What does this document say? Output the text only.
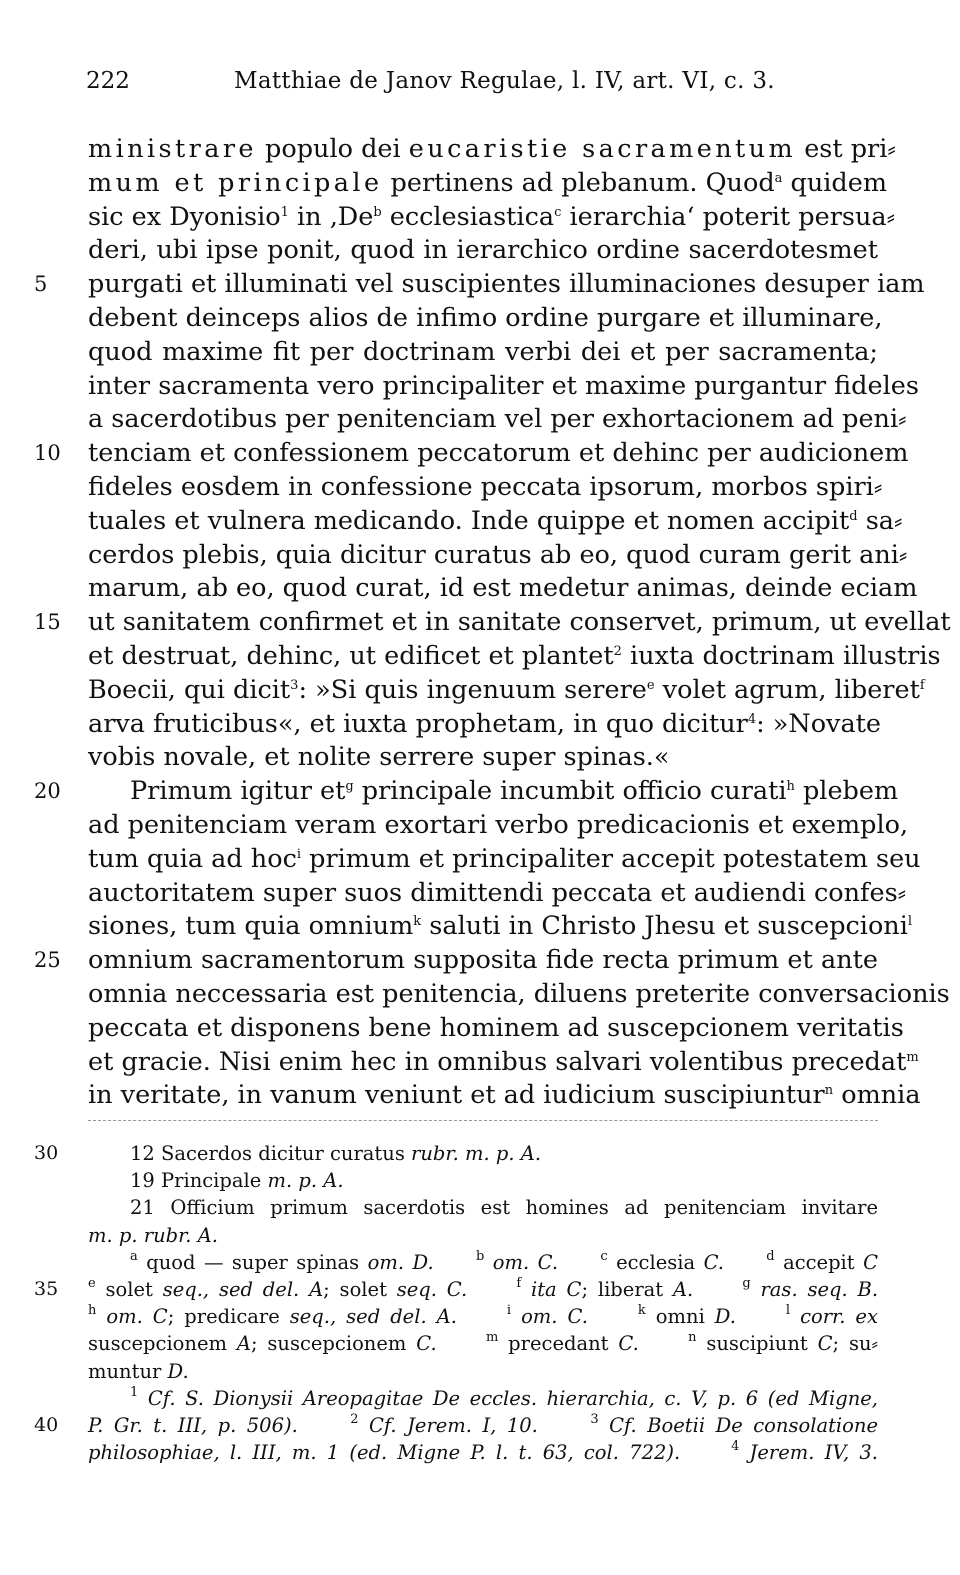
222	Matthiae de Janov Regulae, l. IV, art. VI, c. 3.
ministrare populo dei eucaristie sacramentum est pri⸗
mum et principale pertinens ad plebanum. Quod$^a$ quidem
sic ex Dyonisio$^1$ in ‚De$^b$ ecclesiastica$^c$ ierarchia‘ poterit persua⸗
deri, ubi ipse ponit, quod in ierarchico ordine sacerdotesmet
5	purgati et illuminati vel suscipientes illuminaciones desuper iam
debent deinceps alios de infimo ordine purgare et illuminare,
quod maxime fit per doctrinam verbi dei et per sacramenta;
inter sacramenta vero principaliter et maxime purgantur fideles
a sacerdotibus per penitenciam vel per exhortacionem ad peni⸗
10	tenciam et confessionem peccatorum et dehinc per audicionem
fideles eosdem in confessione peccata ipsorum, morbos spiri⸗
tuales et vulnera medicando. Inde quippe et nomen accipit$^d$ sa⸗
cerdos plebis, quia dicitur curatus ab eo, quod curam gerit ani⸗
marum, ab eo, quod curat, id est medetur animas, deinde eciam
15	ut sanitatem confirmet et in sanitate conservet, primum, ut evellat
et destruat, dehinc, ut edificet et plantet$^2$ iuxta doctrinam illustris
Boecii, qui dicit$^3$: »Si quis ingenuum serere$^e$ volet agrum, liberet$^f$
arva fruticibus«, et iuxta prophetam, in quo dicitur$^4$: »Novate
vobis novale, et nolite serrere super spinas.«
20	Primum igitur $et^g$ principale incumbit officio curati$^h$ plebem
ad penitenciam veram exortari verbo predicacionis et exemplo,
tum quia ad hoc$^i$ primum et principaliter accepit potestatem seu
auctoritatem super suos dimittendi peccata et audiendi confes⸗
siones, tum quia omnium$^k$ saluti in Christo Jhesu et suscepcioni$^l$
25	omnium sacramentorum supposita fide recta primum et ante
omnia neccessaria est penitencia, diluens preterite conversacionis
peccata et disponens bene hominem ad suscepcionem veritatis
et gracie. Nisi enim hec in omnibus salvari volentibus precedat$^m$
in veritate, in vanum veniunt et ad iudicium suscipiuntur$^n$ omnia
30	12 Sacerdos dicitur curatus rubr. m. p. A.
19 Principale m. p. A.
21 Officium primum sacerdotis est homines ad penitenciam invitare
m. p. rubr. A.
$^a$ quod — super spinas om. D.	$^b$ om. C.	$^c$ ecclesia C.	$^d$ accepit C
35 $^e$ solet seq., sed del. A; solet seq. C.	$^f$ ita C; liberat A.	$^g$ ras. seq. B.
$^h$ om. C; predicare seq., sed del. A.	$^i$ om. C.	$^k$ omni D.	$^l$ corr. ex
suscepcionem A; suscepcionem C.	$^m$ precedant C.	$^n$ suscipiunt C; su⸗
muntur D.
$^1$ Cf. S. Dionysii Areopagitae De eccles. hierarchia, c. V, p. 6 (ed Migne,
40 P. Gr. t. III, p. 506).	$^2$ Cf. Jerem. I, 10.	$^3$ Cf. Boetii De consolatione
philosophiae, l. III, m. 1 (ed. Migne P. l. t. 63, col. 722).	$^4$ Jerem. IV, 3.
